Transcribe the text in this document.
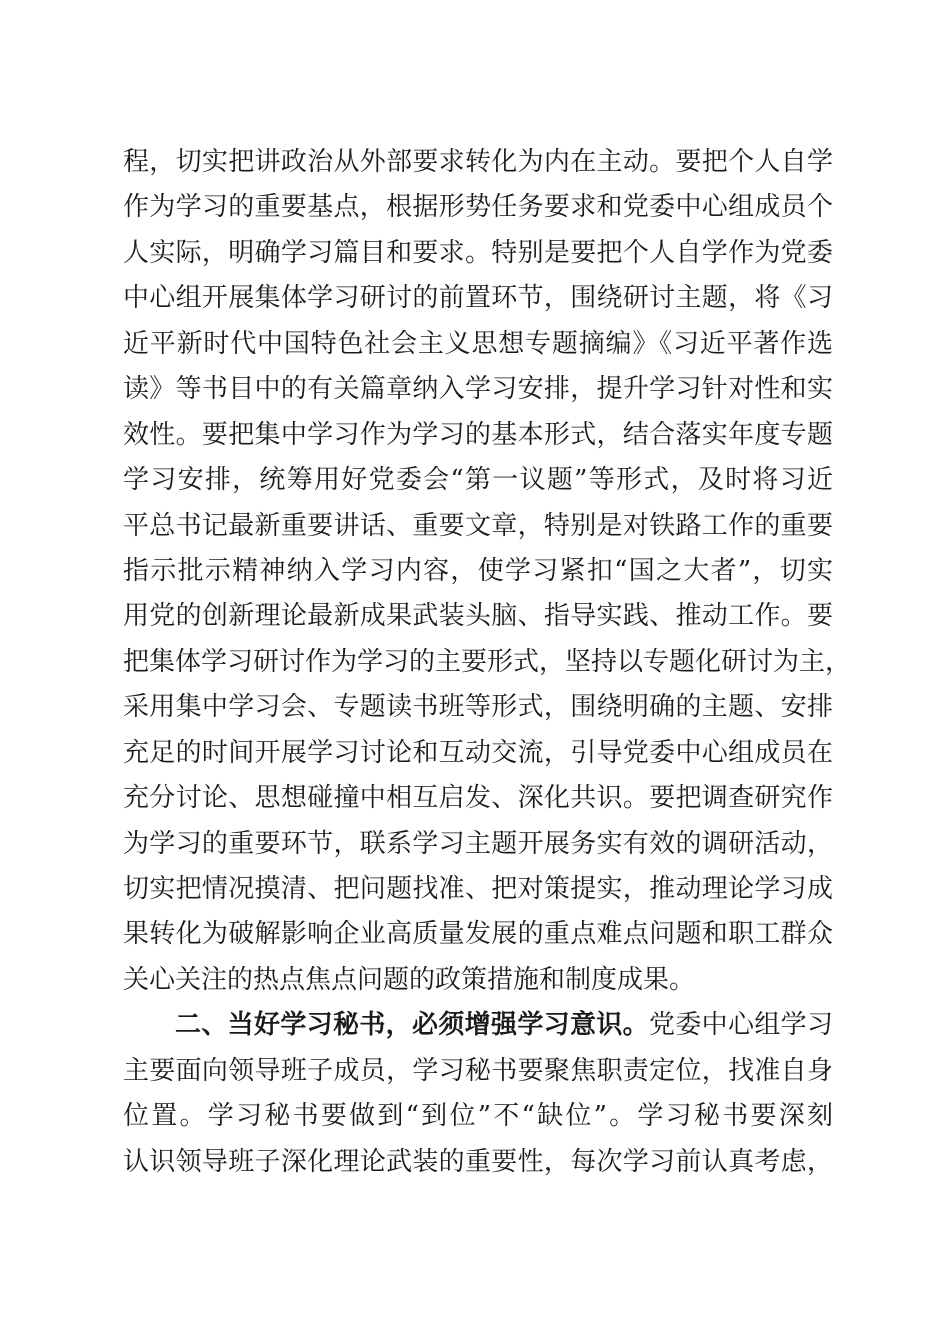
程，切实把讲政治从外部要求转化为内在主动。要把个人自学
作为学习的重要基点，根据形势任务要求和党委中心组成员个
人实际，明确学习篇目和要求。特别是要把个人自学作为党委
中心组开展集体学习研讨的前置环节，围绕研讨主题，将《习
近平新时代中国特色社会主义思想专题摘编》《习近平著作选
读》等书目中的有关篇章纳入学习安排，提升学习针对性和实
效性。要把集中学习作为学习的基本形式，结合落实年度专题
学习安排，统筹用好党委会“第一议题”等形式，及时将习近
平总书记最新重要讲话、重要文章，特别是对铁路工作的重要
指示批示精神纳入学习内容，使学习紧扣“国之大者”，切实
用党的创新理论最新成果武装头脑、指导实践、推动工作。要
把集体学习研讨作为学习的主要形式，坚持以专题化研讨为主，
采用集中学习会、专题读书班等形式，围绕明确的主题、安排
充足的时间开展学习讨论和互动交流，引导党委中心组成员在
充分讨论、思想碰撞中相互启发、深化共识。要把调查研究作
为学习的重要环节，联系学习主题开展务实有效的调研活动，
切实把情况摸清、把问题找准、把对策提实，推动理论学习成
果转化为破解影响企业高质量发展的重点难点问题和职工群众
关心关注的热点焦点问题的政策措施和制度成果。
二、当好学习秘书，必须增强学习意识。党委中心组学习
主要面向领导班子成员，学习秘书要聚焦职责定位，找准自身
位置。学习秘书要做到“到位”不“缺位”。学习秘书要深刻
认识领导班子深化理论武装的重要性，每次学习前认真考虑，
